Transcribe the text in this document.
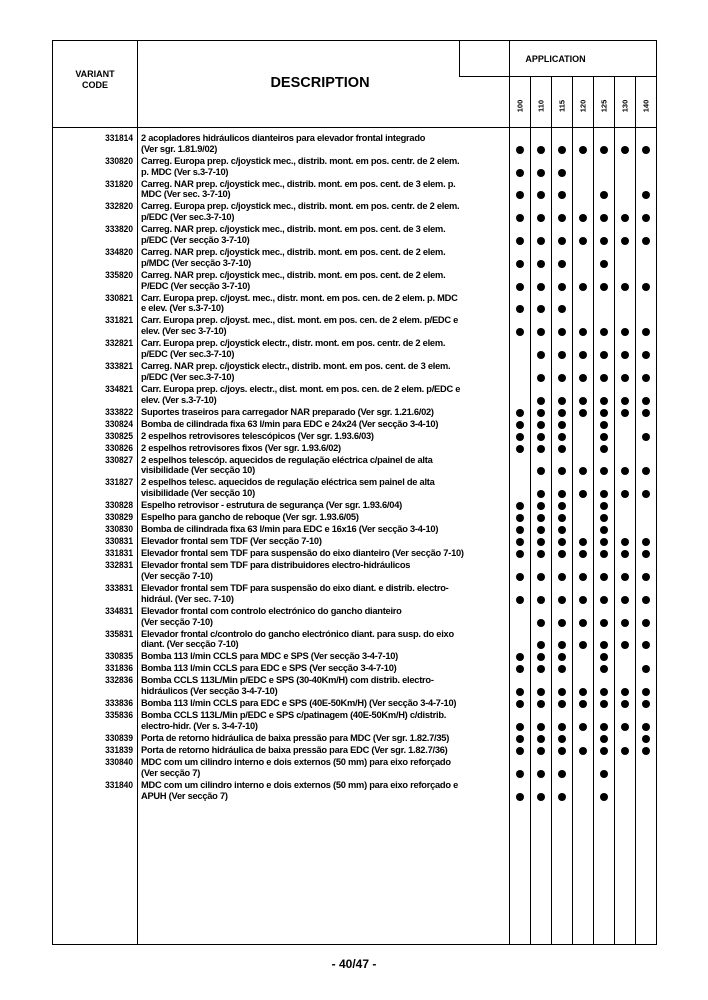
VARIANT
CODE	DESCRIPTION
APPLICATION
100 110 115 120 125 130 140
331814 2 acopladores hidráulicos dianteiros para elevador frontal integrado
(Ver sgr. 1.81.9/02)
330820 Carreg. Europa prep. c/joystick mec., distrib. mont. em pos. centr. de 2 elem.
p. MDC (Ver s.3-7-10)
331820 Carreg. NAR prep. c/joystick mec., distrib. mont. em pos. cent. de 3 elem. p.
MDC (Ver sec. 3-7-10)
332820 Carreg. Europa prep. c/joystick mec., distrib. mont. em pos. centr. de 2 elem.
p/EDC (Ver sec.3-7-10)
333820 Carreg. NAR prep. c/joystick mec., distrib. mont. em pos. cent. de 3 elem.
p/EDC (Ver secção 3-7-10)
334820 Carreg. NAR prep. c/joystick mec., distrib. mont. em pos. cent. de 2 elem.
p/MDC (Ver secção 3-7-10)
335820 Carreg. NAR prep. c/joystick mec., distrib. mont. em pos. cent. de 2 elem.
P/EDC (Ver secção 3-7-10)
330821 Carr. Europa prep. c/joyst. mec., distr. mont. em pos. cen. de 2 elem. p. MDC
e elev. (Ver s.3-7-10)
331821 Carr. Europa prep. c/joyst. mec., dist. mont. em pos. cen. de 2 elem. p/EDC e
elev. (Ver sec 3-7-10)
332821 Carr. Europa prep. c/joystick electr., distr. mont. em pos. centr. de 2 elem.
p/EDC (Ver sec.3-7-10)
333821 Carreg. NAR prep. c/joystick electr., distrib. mont. em pos. cent. de 3 elem.
p/EDC (Ver sec.3-7-10)
334821 Carr. Europa prep. c/joys. electr., dist. mont. em pos. cen. de 2 elem. p/EDC e
elev. (Ver s.3-7-10)
333822 Suportes traseiros para carregador NAR preparado (Ver sgr. 1.21.6/02)
330824 Bomba de cilindrada fixa 63 l/min para EDC e 24x24 (Ver secção 3-4-10)
330825 2 espelhos retrovisores telescópicos (Ver sgr. 1.93.6/03)
330826 2 espelhos retrovisores fixos (Ver sgr. 1.93.6/02)
330827 2 espelhos telescóp. aquecidos de regulação eléctrica c/painel de alta
visibilidade (Ver secção 10)
331827 2 espelhos telesc. aquecidos de regulação eléctrica sem painel de alta
visibilidade (Ver secção 10)
330828 Espelho retrovisor - estrutura de segurança (Ver sgr. 1.93.6/04)
330829 Espelho para gancho de reboque (Ver sgr. 1.93.6/05)
330830 Bomba de cilindrada fixa 63 l/min para EDC e 16x16 (Ver secção 3-4-10)
330831 Elevador frontal sem TDF (Ver secção 7-10)
331831 Elevador frontal sem TDF para suspensão do eixo dianteiro (Ver secção 7-10)
332831 Elevador frontal sem TDF para distribuidores electro-hidráulicos
(Ver secção 7-10)
333831 Elevador frontal sem TDF para suspensão do eixo diant. e distrib. electro-
hidrául. (Ver sec. 7-10)
334831 Elevador frontal com controlo electrónico do gancho dianteiro
(Ver secção 7-10)
335831 Elevador frontal c/controlo do gancho electrónico diant. para susp. do eixo
diant. (Ver secção 7-10)
330835 Bomba 113 l/min CCLS para MDC e SPS (Ver secção 3-4-7-10)
331836 Bomba 113 l/min CCLS para EDC e SPS (Ver secção 3-4-7-10)
332836 Bomba CCLS 113L/Min p/EDC e SPS (30-40Km/H) com distrib. electro-
hidráulicos (Ver secção 3-4-7-10)
333836 Bomba 113 l/min CCLS para EDC e SPS (40E-50Km/H) (Ver secção 3-4-7-10)
335836 Bomba CCLS 113L/Min p/EDC e SPS c/patinagem (40E-50Km/H) c/distrib.
electro-hidr. (Ver s. 3-4-7-10)
330839 Porta de retorno hidráulica de baixa pressão para MDC (Ver sgr. 1.82.7/35)
331839 Porta de retorno hidráulica de baixa pressão para EDC (Ver sgr. 1.82.7/36)
330840 MDC com um cilindro interno e dois externos (50 mm) para eixo reforçado
(Ver secção 7)
331840 MDC com um cilindro interno e dois externos (50 mm) para eixo reforçado e
APUH (Ver secção 7)
- 40/47 -
